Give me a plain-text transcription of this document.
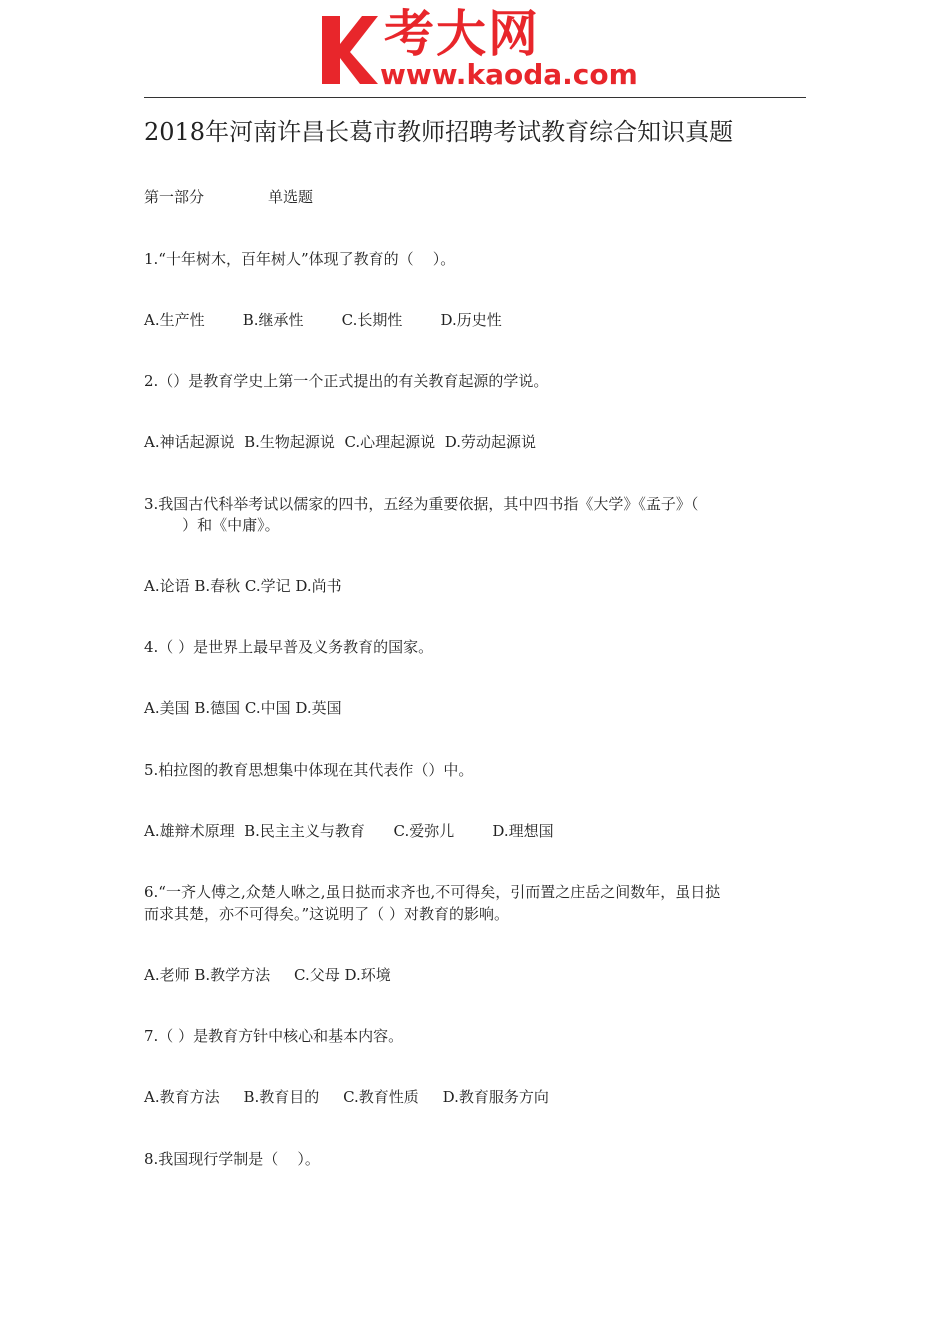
考大网
www.kaoda.com
2018年河南许昌长葛市教师招聘考试教育综合知识真题
第一部分	单选题
1.“十年树木，百年树人”体现了教育的（    ）。
A.生产性        B.继承性        C.长期性        D.历史性
2.（）是教育学史上第一个正式提出的有关教育起源的学说。
A.神话起源说  B.生物起源说  C.心理起源说  D.劳动起源说
3.我国古代科举考试以儒家的四书，五经为重要依据，其中四书指《大学》《孟子》（
）和《中庸》。
A.论语 B.春秋 C.学记 D.尚书
4.（ ）是世界上最早普及义务教育的国家。
A.美国 B.德国 C.中国 D.英国
5.柏拉图的教育思想集中体现在其代表作（）中。
A.雄辩术原理  B.民主主义与教育      C.爱弥儿        D.理想国
6.“一齐人傅之,众楚人咻之,虽日挞而求齐也,不可得矣，引而置之庄岳之间数年，虽日挞
而求其楚，亦不可得矣。”这说明了（ ）对教育的影响。
A.老师 B.教学方法     C.父母 D.环境
7.（ ）是教育方针中核心和基本内容。
A.教育方法     B.教育目的     C.教育性质     D.教育服务方向
8.我国现行学制是（    ）。
